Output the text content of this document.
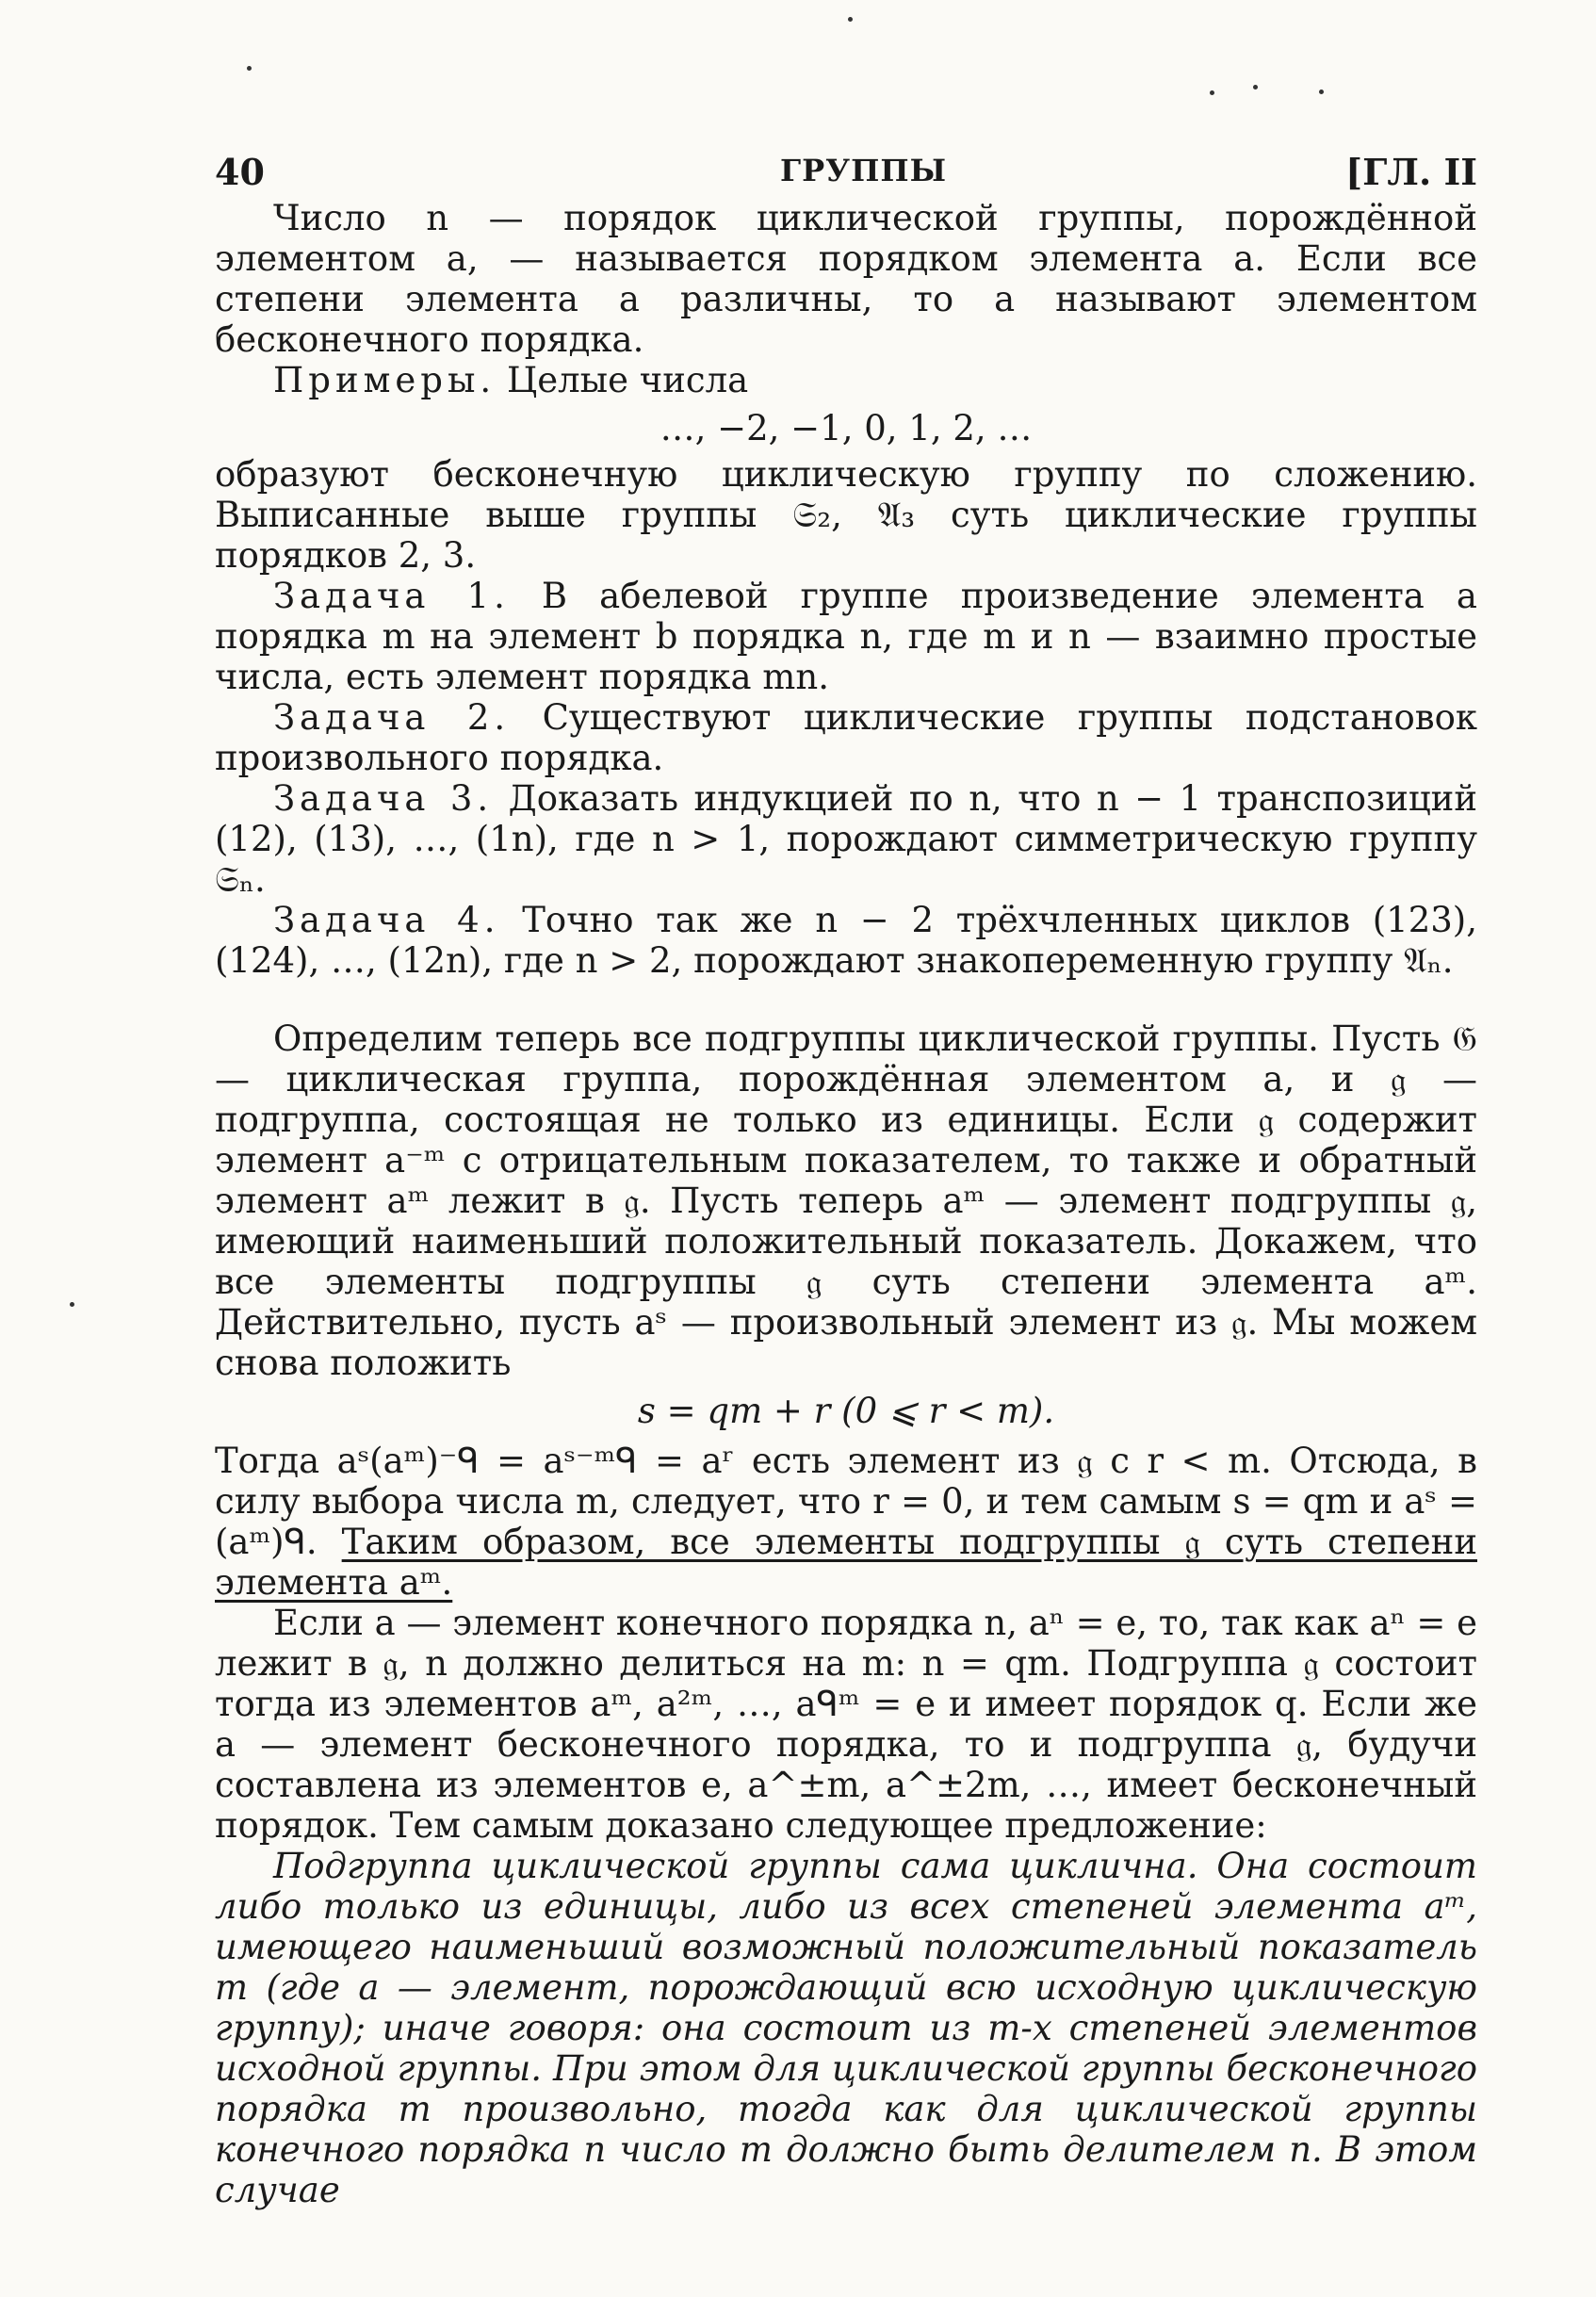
40	ГРУППЫ	[ГЛ. II

Число n — порядок циклической группы, порождённой элементом a, — называется порядком элемента a. Если все степени элемента a различны, то a называют элементом бесконечного порядка.

Примеры. Целые числа

…, −2, −1, 0, 1, 2, …

образуют бесконечную циклическую группу по сложению. Выписанные выше группы 𝔖₂, 𝔄₃ суть циклические группы порядков 2, 3.

Задача 1. В абелевой группе произведение элемента a порядка m на элемент b порядка n, где m и n — взаимно простые числа, есть элемент порядка mn.

Задача 2. Существуют циклические группы подстановок произвольного порядка.

Задача 3. Доказать индукцией по n, что n − 1 транспозиций (12), (13), …, (1n), где n > 1, порождают симметрическую группу 𝔖ₙ.

Задача 4. Точно так же n − 2 трёхчленных циклов (123), (124), …, (12n), где n > 2, порождают знакопеременную группу 𝔄ₙ.

Определим теперь все подгруппы циклической группы. Пусть 𝔊 — циклическая группа, порождённая элементом a, и 𝔤 — подгруппа, состоящая не только из единицы. Если 𝔤 содержит элемент a⁻ᵐ с отрицательным показателем, то также и обратный элемент aᵐ лежит в 𝔤. Пусть теперь aᵐ — элемент подгруппы 𝔤, имеющий наименьший положительный показатель. Докажем, что все элементы подгруппы 𝔤 суть степени элемента aᵐ. Действительно, пусть aˢ — произвольный элемент из 𝔤. Мы можем снова положить

s = qm + r (0 ⩽ r < m).

Тогда aˢ(aᵐ)⁻ᑫ = aˢ⁻ᵐᑫ = aʳ есть элемент из 𝔤 с r < m. Отсюда, в силу выбора числа m, следует, что r = 0, и тем самым s = qm и aˢ = (aᵐ)ᑫ. Таким образом, все элементы подгруппы 𝔤 суть степени элемента aᵐ.

Если a — элемент конечного порядка n, aⁿ = e, то, так как aⁿ = e лежит в 𝔤, n должно делиться на m: n = qm. Подгруппа 𝔤 состоит тогда из элементов aᵐ, a²ᵐ, …, aᑫᵐ = e и имеет порядок q. Если же a — элемент бесконечного порядка, то и подгруппа 𝔤, будучи составлена из элементов e, a^±m, a^±2m, …, имеет бесконечный порядок. Тем самым доказано следующее предложение:

Подгруппа циклической группы сама циклична. Она состоит либо только из единицы, либо из всех степеней элемента aᵐ, имеющего наименьший возможный положительный показатель m (где a — элемент, порождающий всю исходную циклическую группу); иначе говоря: она состоит из m-х степеней элементов исходной группы. При этом для циклической группы бесконечного порядка m произвольно, тогда как для циклической группы конечного порядка n число m должно быть делителем n. В этом случае
